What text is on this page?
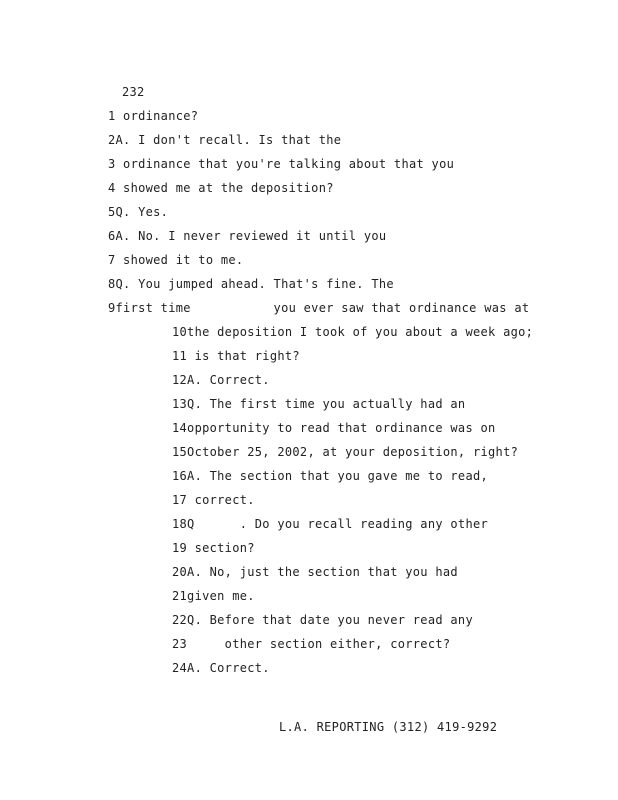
232
1 ordinance?
2A. I don't recall. Is that the
3 ordinance that you're talking about that you
4 showed me at the deposition?
5Q. Yes.
6A. No. I never reviewed it until you
7 showed it to me.
8Q. You jumped ahead. That's fine. The
9first time           you ever saw that ordinance was at
10the deposition I took of you about a week ago;
11 is that right?
12A. Correct.
13Q. The first time you actually had an
14opportunity to read that ordinance was on
15October 25, 2002, at your deposition, right?
16A. The section that you gave me to read,
17 correct.
18Q      . Do you recall reading any other
19 section?
20A. No, just the section that you had
21given me.
22Q. Before that date you never read any
23     other section either, correct?
24A. Correct.
L.A. REPORTING (312) 419-9292
